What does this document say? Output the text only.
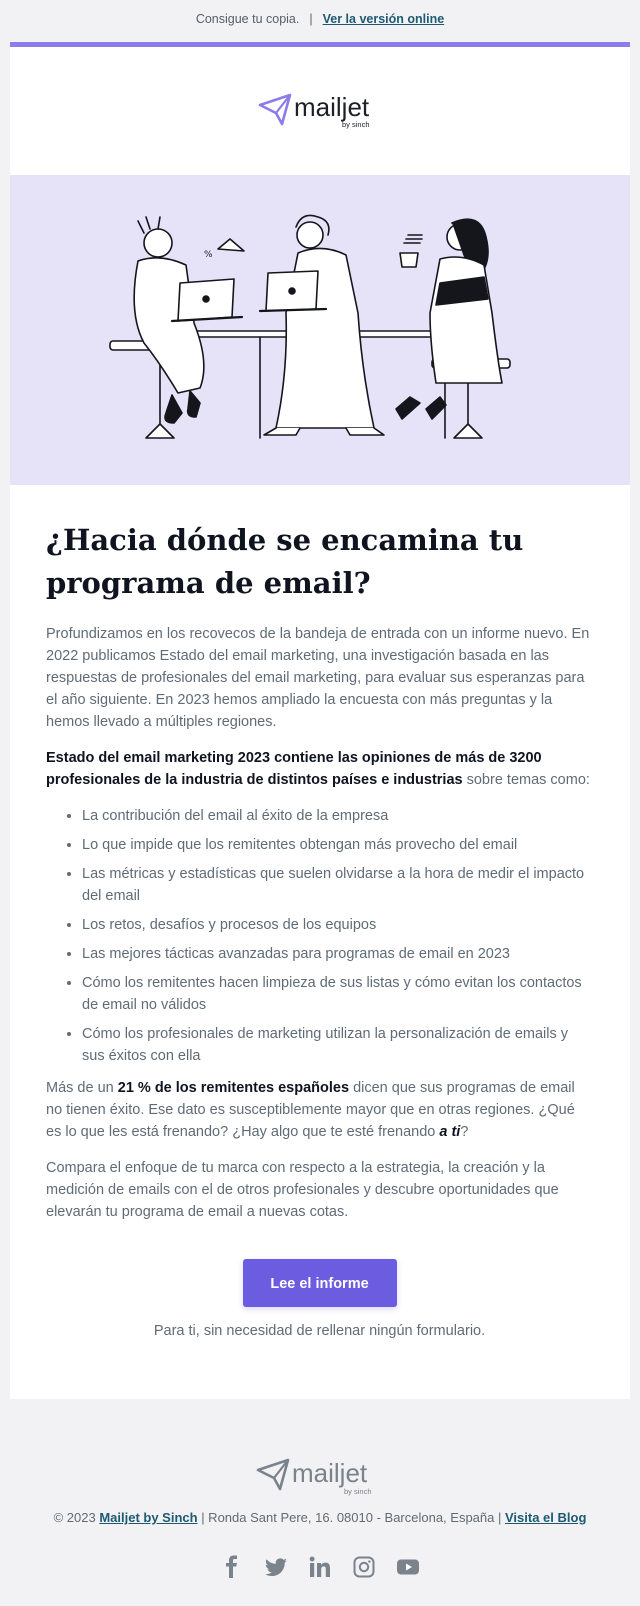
Consigue tu copia. | Ver la versión online
mailjet
by sinch
%
¿Hacia dónde se encamina tu programa de email?

Profundizamos en los recovecos de la bandeja de entrada con un informe nuevo. En 2022 publicamos Estado del email marketing, una investigación basada en las respuestas de profesionales del email marketing, para evaluar sus esperanzas para el año siguiente. En 2023 hemos ampliado la encuesta con más preguntas y la hemos llevado a múltiples regiones.

Estado del email marketing 2023 contiene las opiniones de más de 3200 profesionales de la industria de distintos países e industrias sobre temas como:

• La contribución del email al éxito de la empresa
• Lo que impide que los remitentes obtengan más provecho del email
• Las métricas y estadísticas que suelen olvidarse a la hora de medir el impacto del email
• Los retos, desafíos y procesos de los equipos
• Las mejores tácticas avanzadas para programas de email en 2023
• Cómo los remitentes hacen limpieza de sus listas y cómo evitan los contactos de email no válidos
• Cómo los profesionales de marketing utilizan la personalización de emails y sus éxitos con ella

Más de un 21 % de los remitentes españoles dicen que sus programas de email no tienen éxito. Ese dato es susceptiblemente mayor que en otras regiones. ¿Qué es lo que les está frenando? ¿Hay algo que te esté frenando a ti?

Compara el enfoque de tu marca con respecto a la estrategia, la creación y la medición de emails con el de otros profesionales y descubre oportunidades que elevarán tu programa de email a nuevas cotas.

Lee el informe
Para ti, sin necesidad de rellenar ningún formulario.
mailjet
by sinch
© 2023 Mailjet by Sinch | Ronda Sant Pere, 16. 08010 - Barcelona, España | Visita el Blog
